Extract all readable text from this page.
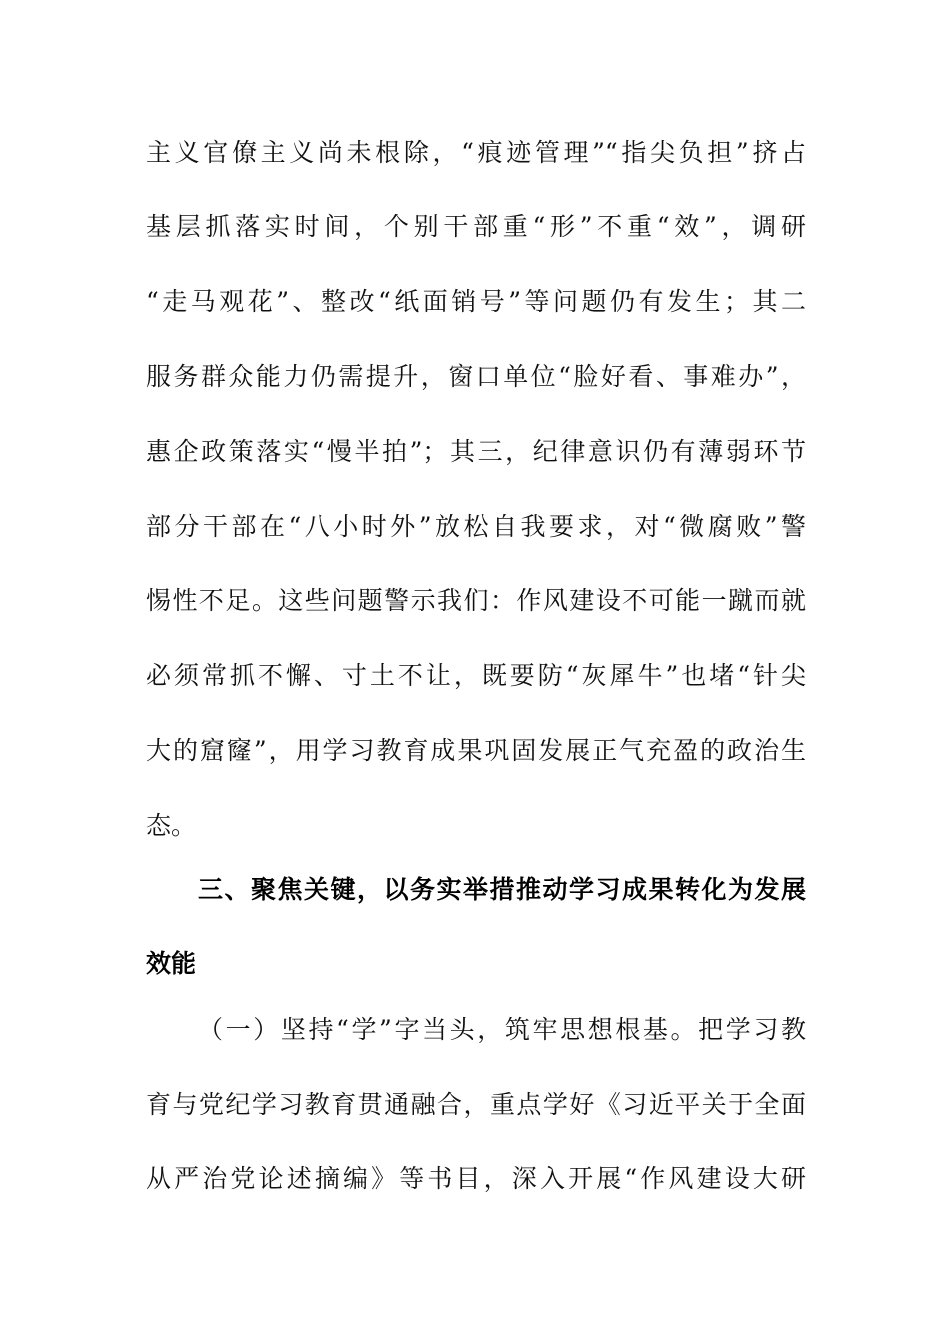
主义官僚主义尚未根除，“痕迹管理”“指尖负担”挤占
基层抓落实时间，个别干部重“形”不重“效”，调研
“走马观花”、整改“纸面销号”等问题仍有发生；其二
服务群众能力仍需提升，窗口单位“脸好看、事难办”，
惠企政策落实“慢半拍”；其三，纪律意识仍有薄弱环节
部分干部在“八小时外”放松自我要求，对“微腐败”警
惕性不足。这些问题警示我们：作风建设不可能一蹴而就
必须常抓不懈、寸土不让，既要防“灰犀牛”也堵“针尖
大的窟窿”，用学习教育成果巩固发展正气充盈的政治生
态。
三、聚焦关键，以务实举措推动学习成果转化为发展
效能
（一）坚持“学”字当头，筑牢思想根基。把学习教
育与党纪学习教育贯通融合，重点学好《习近平关于全面
从严治党论述摘编》等书目，深入开展“作风建设大研
